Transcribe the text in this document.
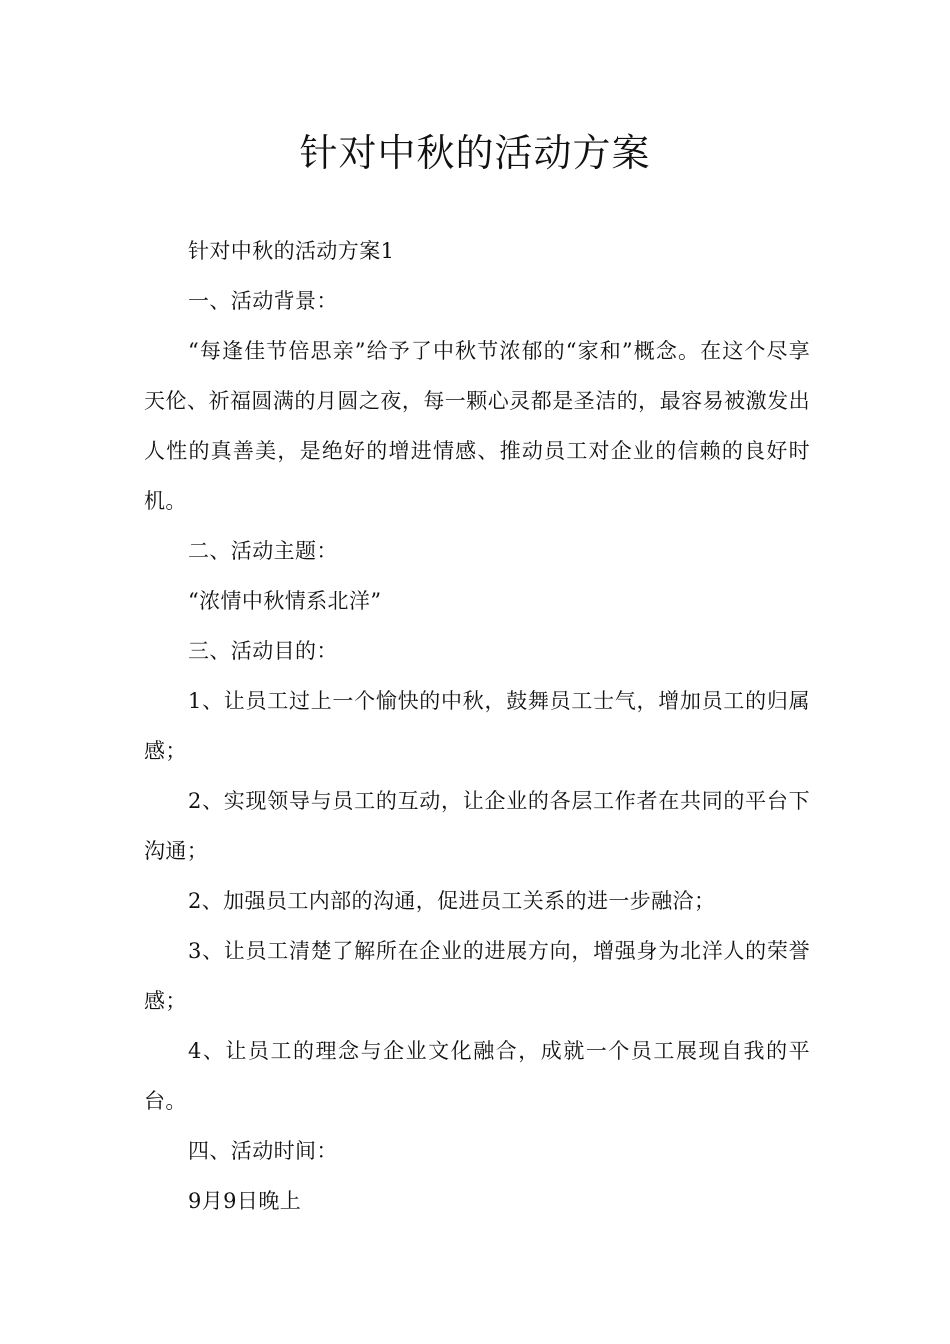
针对中秋的活动方案

针对中秋的活动方案1

一、活动背景：

“每逢佳节倍思亲”给予了中秋节浓郁的“家和”概念。在这个尽享天伦、祈福圆满的月圆之夜，每一颗心灵都是圣洁的，最容易被激发出人性的真善美，是绝好的增进情感、推动员工对企业的信赖的良好时机。

二、活动主题：

“浓情中秋情系北洋”

三、活动目的：

1、让员工过上一个愉快的中秋，鼓舞员工士气，增加员工的归属感；

2、实现领导与员工的互动，让企业的各层工作者在共同的平台下沟通；

2、加强员工内部的沟通，促进员工关系的进一步融洽；

3、让员工清楚了解所在企业的进展方向，增强身为北洋人的荣誉感；

4、让员工的理念与企业文化融合，成就一个员工展现自我的平台。

四、活动时间：

9月9日晚上
